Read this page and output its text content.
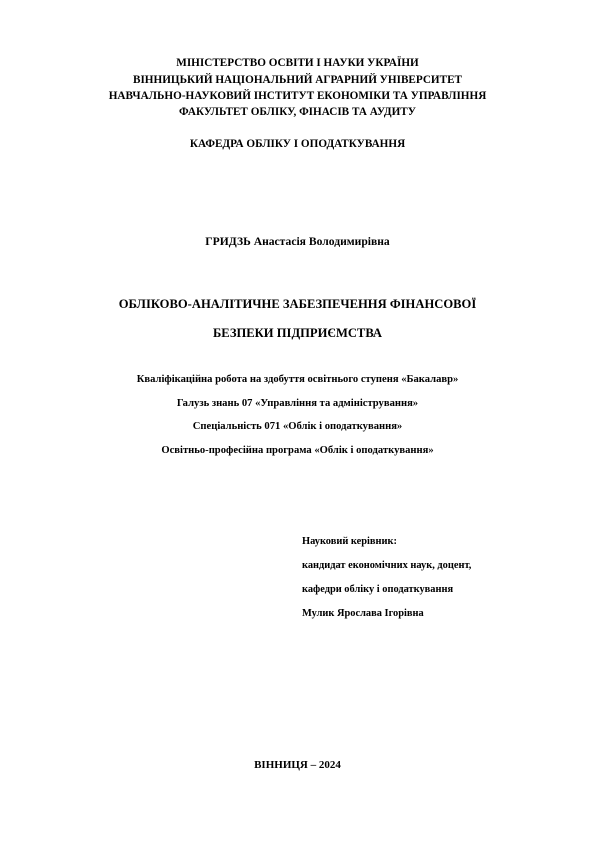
МІНІСТЕРСТВО ОСВІТИ І НАУКИ УКРАЇНИ
ВІННИЦЬКИЙ НАЦІОНАЛЬНИЙ АГРАРНИЙ УНІВЕРСИТЕТ
НАВЧАЛЬНО-НАУКОВИЙ ІНСТИТУТ ЕКОНОМІКИ ТА УПРАВЛІННЯ
ФАКУЛЬТЕТ ОБЛІКУ, ФІНАСІВ ТА АУДИТУ
КАФЕДРА ОБЛІКУ І ОПОДАТКУВАННЯ
ГРИДЗЬ Анастасія Володимирівна
ОБЛІКОВО-АНАЛІТИЧНЕ ЗАБЕЗПЕЧЕННЯ ФІНАНСОВОЇ
БЕЗПЕКИ ПІДПРИЄМСТВА
Кваліфікаційна робота на здобуття освітнього ступеня «Бакалавр»
Галузь знань 07 «Управління та адміністрування»
Спеціальність 071 «Облік і оподаткування»
Освітньо-професійна програма «Облік і оподаткування»
Науковий керівник:
кандидат економічних наук, доцент,
кафедри обліку і оподаткування
Мулик Ярослава Ігорівна
ВІННИЦЯ – 2024
